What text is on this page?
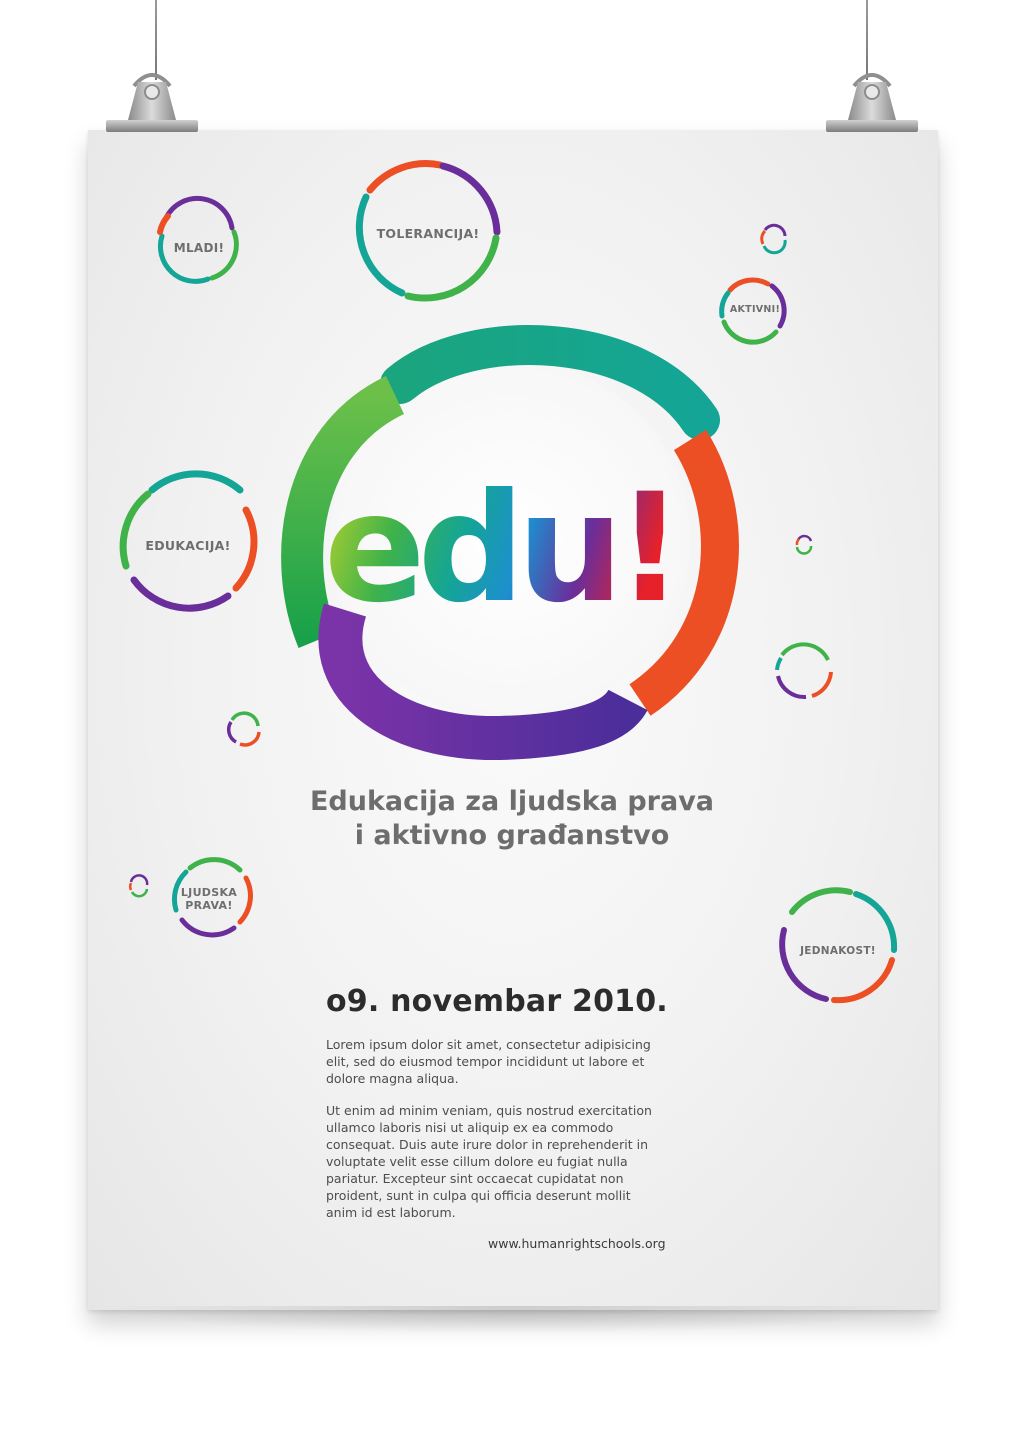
edu!
MLADI!
TOLERANCIJA!
AKTIVNI!
EDUKACIJA!
LJUDSKA
PRAVA!
JEDNAKOST!
Edukacija za ljudska prava
i aktivno građanstvo
o9. novembar 2010.
Lorem ipsum dolor sit amet, consectetur adipisicing
elit, sed do eiusmod tempor incididunt ut labore et
dolore magna aliqua.
Ut enim ad minim veniam, quis nostrud exercitation
ullamco laboris nisi ut aliquip ex ea commodo
consequat. Duis aute irure dolor in reprehenderit in
voluptate velit esse cillum dolore eu fugiat nulla
pariatur. Excepteur sint occaecat cupidatat non
proident, sunt in culpa qui officia deserunt mollit
anim id est laborum.
www.humanrightschools.org
